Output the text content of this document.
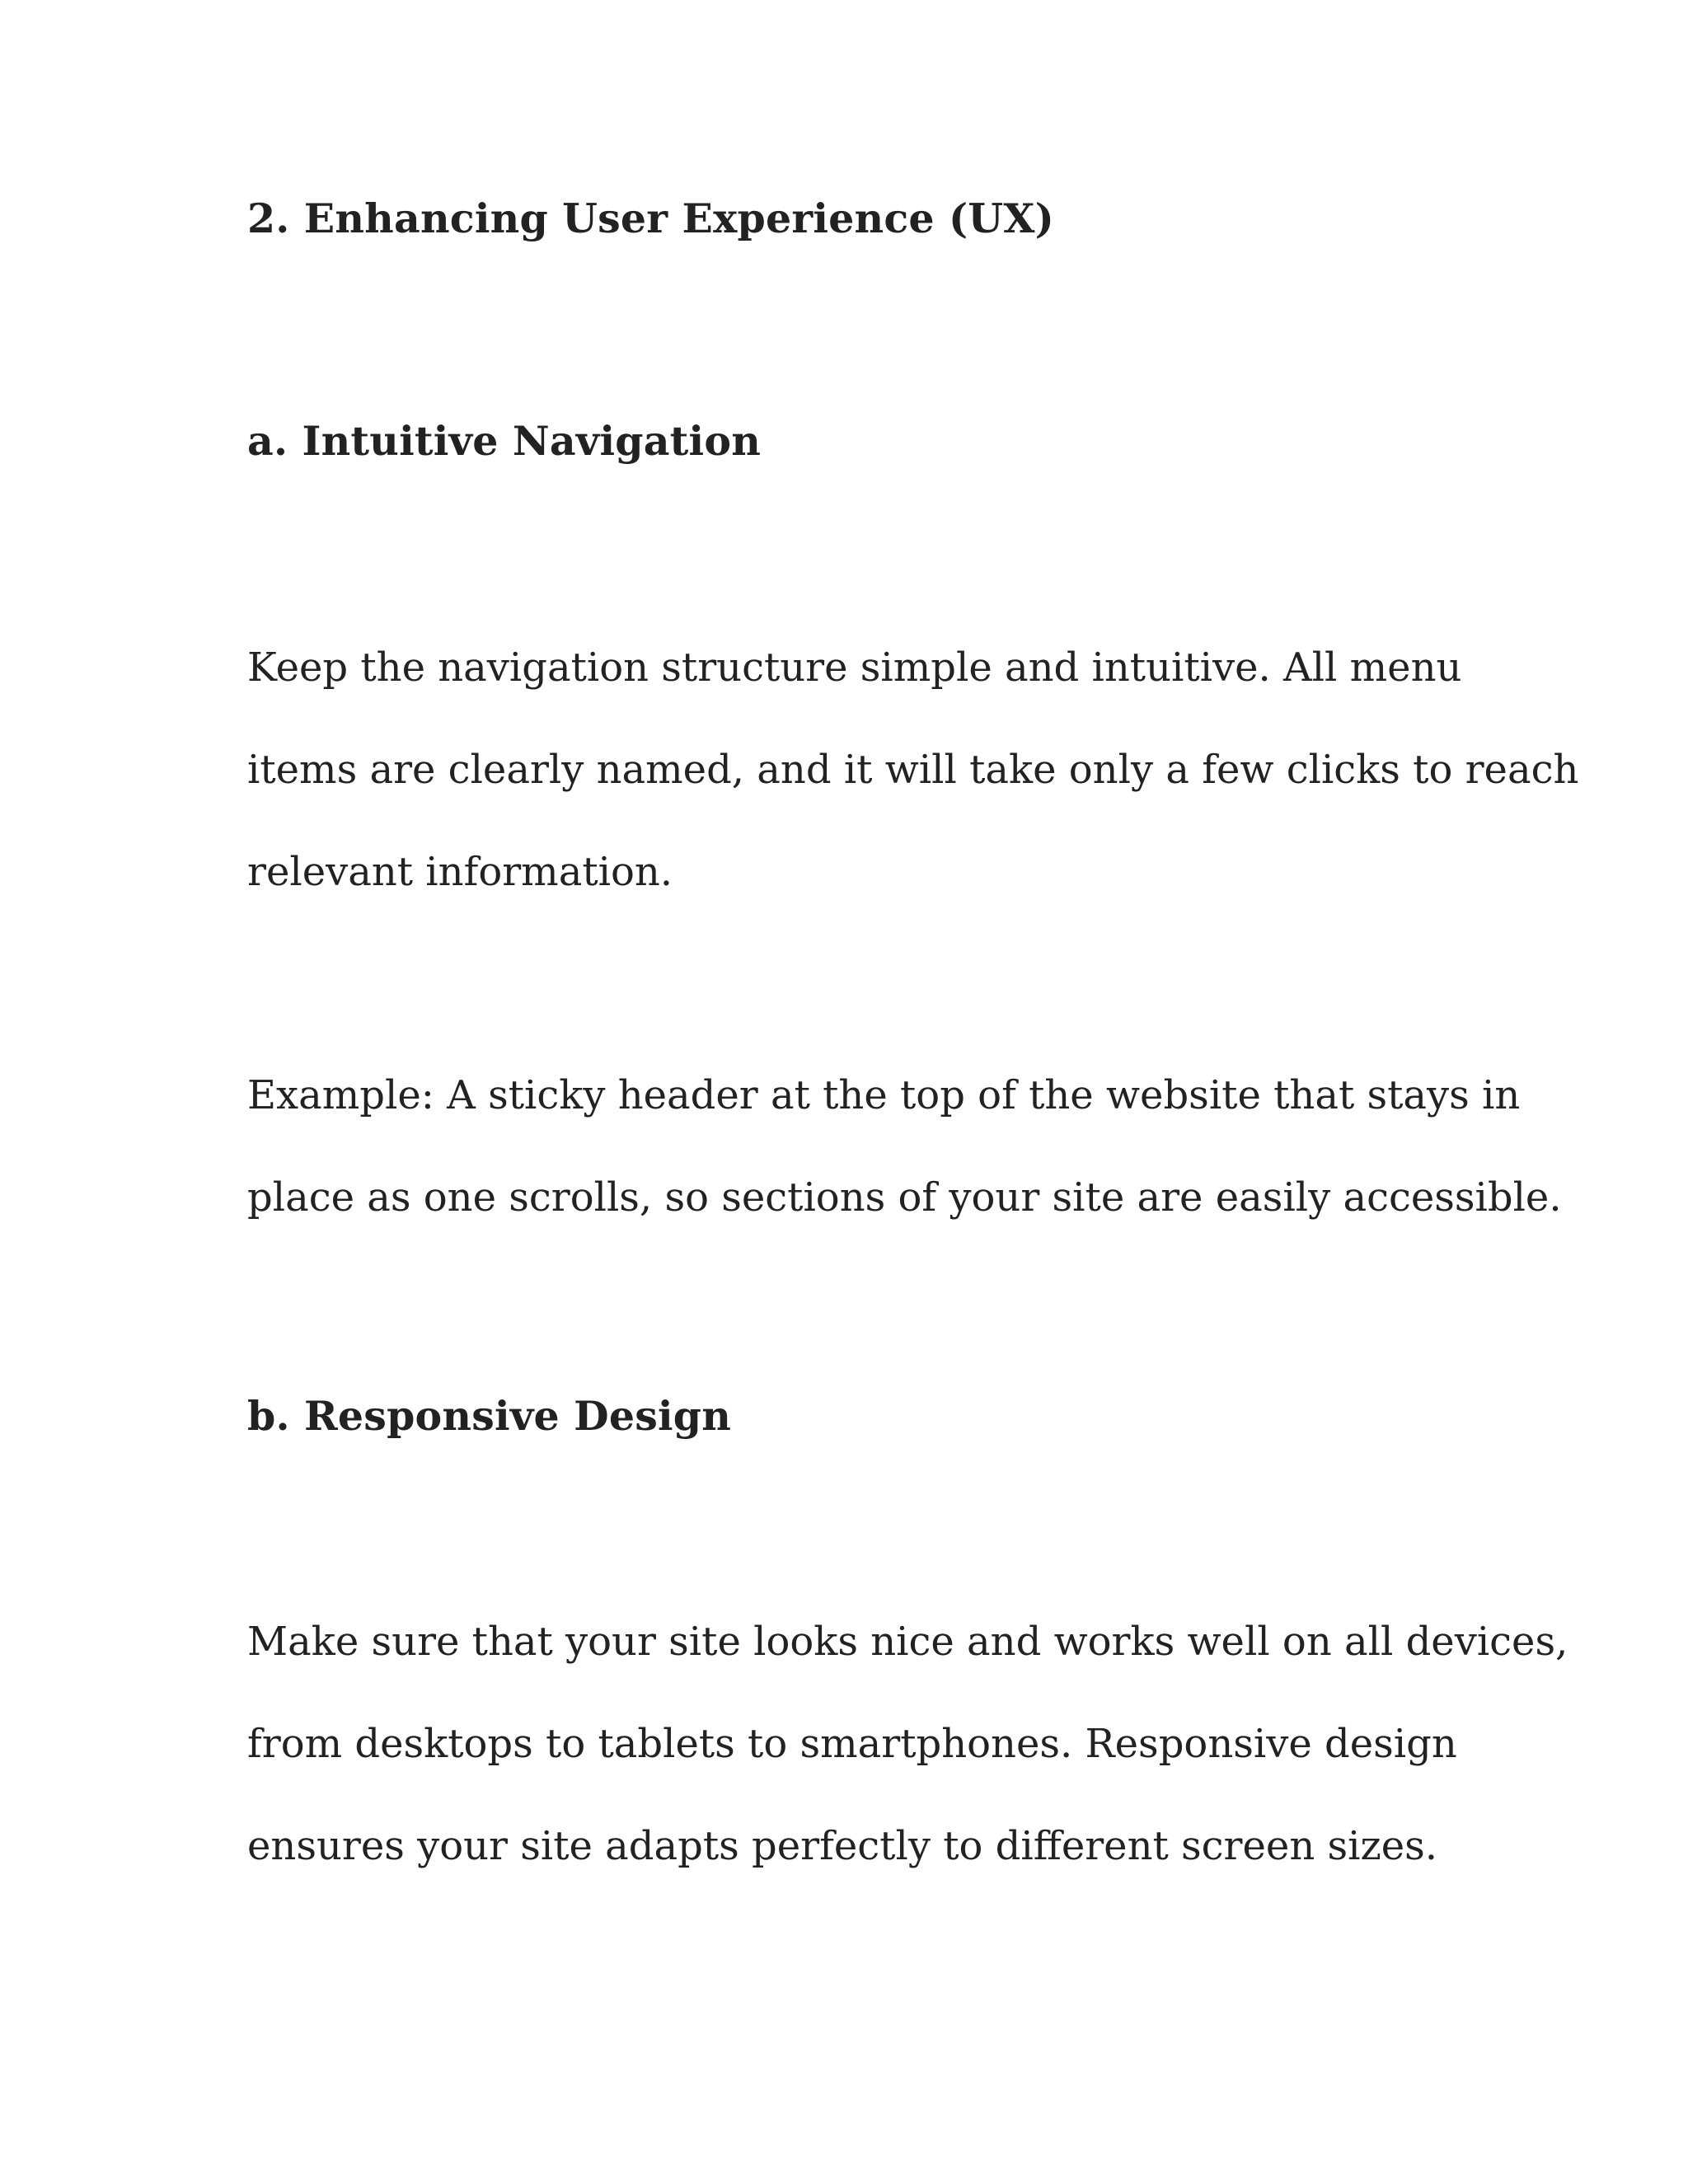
2. Enhancing User Experience (UX)
a. Intuitive Navigation

Keep the navigation structure simple and intuitive. All menu
items are clearly named, and it will take only a few clicks to reach
relevant information.

Example: A sticky header at the top of the website that stays in
place as one scrolls, so sections of your site are easily accessible.

b. Responsive Design

Make sure that your site looks nice and works well on all devices,
from desktops to tablets to smartphones. Responsive design
ensures your site adapts perfectly to different screen sizes.
